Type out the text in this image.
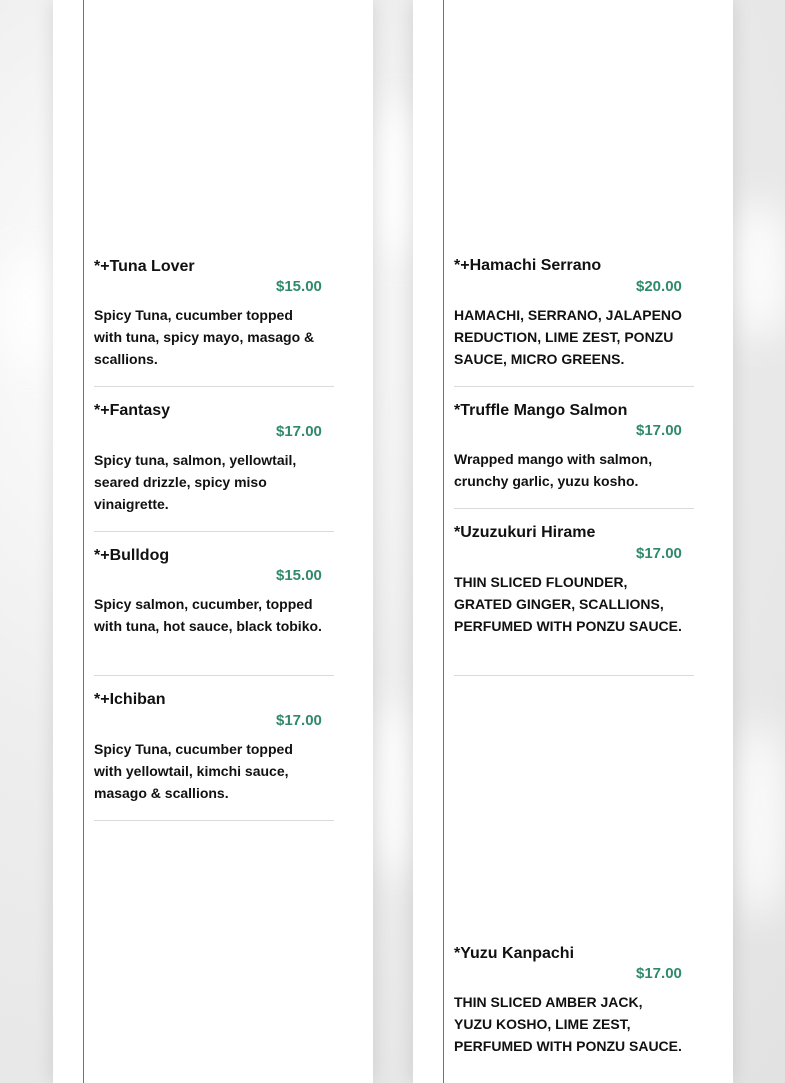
*+Tuna Lover
$15.00
Spicy Tuna, cucumber topped with tuna, spicy mayo, masago & scallions.
*+Fantasy
$17.00
Spicy tuna, salmon, yellowtail, seared drizzle, spicy miso vinaigrette.
*+Bulldog
$15.00
Spicy salmon, cucumber, topped with tuna, hot sauce, black tobiko.
*+Ichiban
$17.00
Spicy Tuna, cucumber topped with yellowtail, kimchi sauce, masago & scallions.
*+Hamachi Serrano
$20.00
HAMACHI, SERRANO, JALAPENO REDUCTION, LIME ZEST, PONZU SAUCE, MICRO GREENS.
*Truffle Mango Salmon
$17.00
Wrapped mango with salmon, crunchy garlic, yuzu kosho.
*Uzuzukuri Hirame
$17.00
THIN SLICED FLOUNDER, GRATED GINGER, SCALLIONS, PERFUMED WITH PONZU SAUCE.
*Yuzu Kanpachi
$17.00
THIN SLICED AMBER JACK, YUZU KOSHO, LIME ZEST, PERFUMED WITH PONZU SAUCE.
